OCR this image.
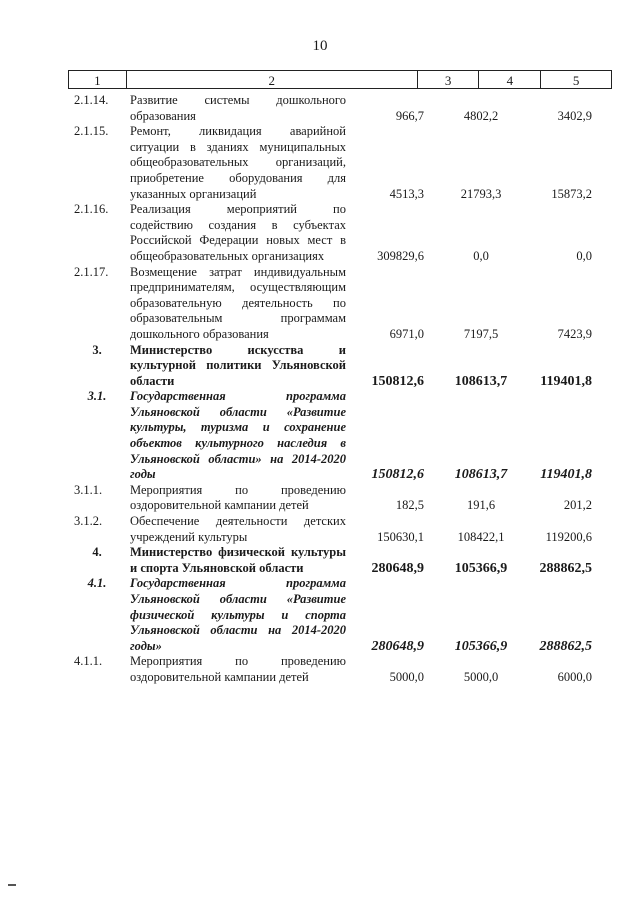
10
1	2	3	4	5
2.1.14.	Развитие системы дошкольного образования	966,7	4802,2	3402,9
2.1.15.	Ремонт, ликвидация аварийной ситуации в зданиях муниципальных общеобразовательных организаций, приобретение оборудования для указанных организаций	4513,3	21793,3	15873,2
2.1.16.	Реализация мероприятий по содействию создания в субъектах Российской Федерации новых мест в общеобразовательных организациях	309829,6	0,0	0,0
2.1.17.	Возмещение затрат индивидуальным предпринимателям, осуществляющим образовательную деятельность по образовательным программам дошкольного образования	6971,0	7197,5	7423,9
3.	Министерство искусства и культурной политики Ульяновской области	150812,6	108613,7	119401,8
3.1.	Государственная программа Ульяновской области «Развитие культуры, туризма и сохранение объектов культурного наследия в Ульяновской области» на 2014-2020 годы	150812,6	108613,7	119401,8
3.1.1.	Мероприятия по проведению оздоровительной кампании детей	182,5	191,6	201,2
3.1.2.	Обеспечение деятельности детских учреждений культуры	150630,1	108422,1	119200,6
4.	Министерство физической культуры и спорта Ульяновской области	280648,9	105366,9	288862,5
4.1.	Государственная программа Ульяновской области «Развитие физической культуры и спорта Ульяновской области на 2014-2020 годы»	280648,9	105366,9	288862,5
4.1.1.	Мероприятия по проведению оздоровительной кампании детей	5000,0	5000,0	6000,0
